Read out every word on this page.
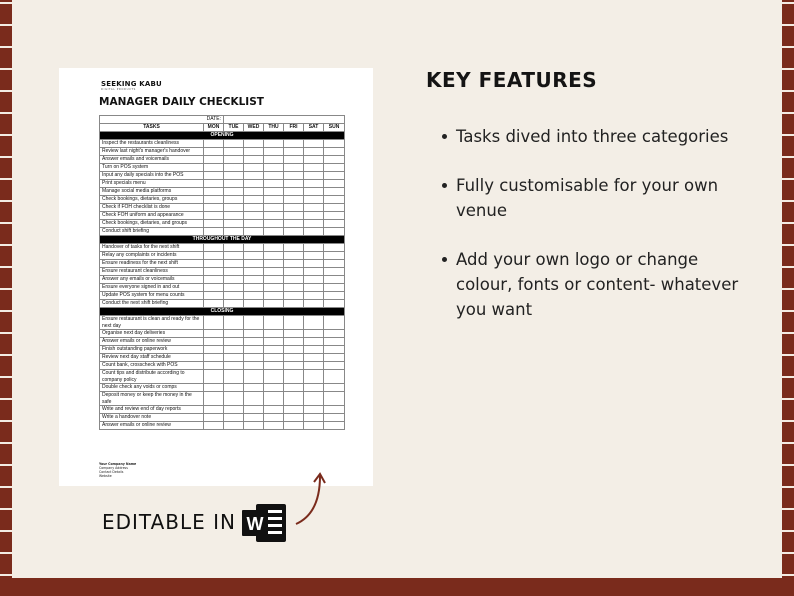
SEEKING KABU
DIGITAL PRODUCTS
MANAGER DAILY CHECKLIST
DATE:							
TASKS	MON	TUE	WED	THU	FRI	SAT	SUN
OPENING							
Inspect the restaurants cleanliness							
Review last night's manager's handover							
Answer emails and voicemails							
Turn on POS system							
Input any daily specials into the POS							
Print specials menu							
Manage social media platforms							
Check bookings, dietaries, groups							
Check if FOH checklist is done							
Check FOH uniform and appearance							
Check bookings, dietaries, and groups							
Conduct shift briefing							
THROUGHOUT THE DAY							
Handover of tasks for the next shift							
Relay any complaints or incidents							
Ensure readiness for the next shift							
Ensure restaurant cleanliness							
Answer any emails or voicemails							
Ensure everyone signed in and out							
Update POS system for menu counts							
Conduct the next shift briefing							
CLOSING							
Ensure restaurant is clean and ready for the next day							
Organise next day deliveries							
Answer emails or online review							
Finish outstanding paperwork							
Review next day staff schedule							
Count bank, crosscheck with POS							
Count tips and distribute according to company policy							
Double check any voids or comps							
Deposit money or keep the money in the safe							
Write and review end of day reports							
Write a handover note							
Answer emails or online review							
Your Company Name
Company Address
Contact Details
Website
KEY FEATURES
Tasks dived into three categories
Fully customisable for your own venue
Add your own logo or change colour, fonts or content- whatever you want
EDITABLE IN W
